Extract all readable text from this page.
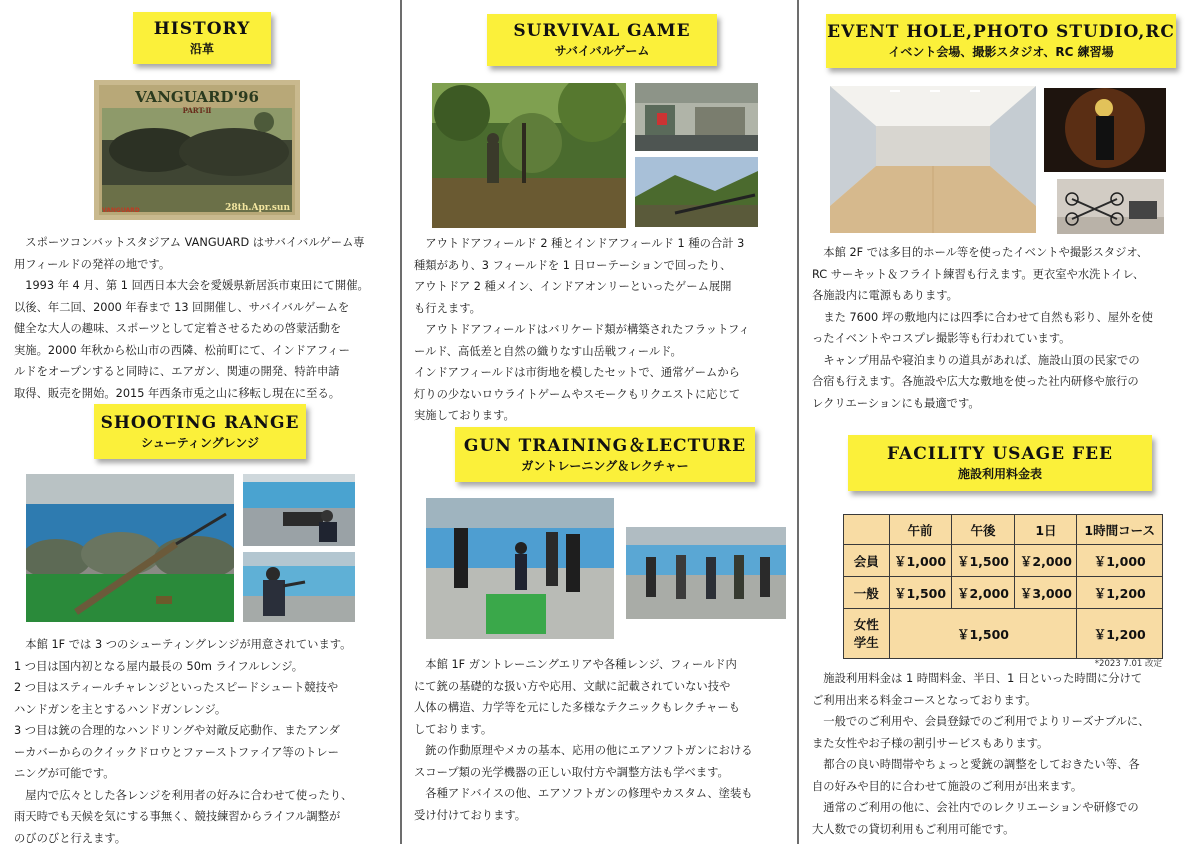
HISTORY
沿革
VANGUARD'96
PART-Ⅱ
28th.Apr.sun
VANGUARD

　スポーツコンバットスタジアム VANGUARD はサバイバルゲーム専

用フィールドの発祥の地です。

　1993 年 4 月、第 1 回西日本大会を愛媛県新居浜市東田にて開催。

以後、年二回、2000 年春まで 13 回開催し、サバイバルゲームを

健全な大人の趣味、スポーツとして定着させるための啓蒙活動を

実施。2000 年秋から松山市の西隣、松前町にて、インドアフィー

ルドをオープンすると同時に、エアガン、関連の開発、特許申請

取得、販売を開始。2015 年西条市兎之山に移転し現在に至る。

SHOOTING RANGE
シューティングレンジ

　本館 1F では 3 つのシューティングレンジが用意されています。

1 つ目は国内初となる屋内最長の 50m ライフルレンジ。

2 つ目はスティールチャレンジといったスピードシュート競技や

ハンドガンを主とするハンドガンレンジ。

3 つ目は銃の合理的なハンドリングや対敵反応動作、またアンダ

ーカバーからのクイックドロウとファーストファイア等のトレー

ニングが可能です。

　屋内で広々とした各レンジを利用者の好みに合わせて使ったり、

雨天時でも天候を気にする事無く、競技練習からライフル調整が

のびのびと行えます。

SURVIVAL GAME
サバイバルゲーム

　アウトドアフィールド 2 種とインドアフィールド 1 種の合計 3

種類があり、3 フィールドを 1 日ローテーションで回ったり、

アウトドア 2 種メイン、インドアオンリーといったゲーム展開

も行えます。

　アウトドアフィールドはバリケード類が構築されたフラットフィ

ールド、高低差と自然の織りなす山岳戦フィールド。

インドアフィールドは市街地を模したセットで、通常ゲームから

灯りの少ないロウライトゲームやスモークもリクエストに応じて

実施しております。

GUN TRAINING＆LECTURE
ガントレーニング＆レクチャー

　本館 1F ガントレーニングエリアや各種レンジ、フィールド内

にて銃の基礎的な扱い方や応用、文献に記載されていない技や

人体の構造、力学等を元にした多様なテクニックもレクチャーも

しております。

　銃の作動原理やメカの基本、応用の他にエアソフトガンにおける

スコープ類の光学機器の正しい取付方や調整方法も学べます。

　各種アドバイスの他、エアソフトガンの修理やカスタム、塗装も

受け付けております。

EVENT HOLE,PHOTO STUDIO,RC
イベント会場、撮影スタジオ、RC 練習場

　本館 2F では多目的ホール等を使ったイベントや撮影スタジオ、

RC サーキット＆フライト練習も行えます。更衣室や水洗トイレ、

各施設内に電源もあります。

　また 7600 坪の敷地内には四季に合わせて自然も彩り、屋外を使

ったイベントやコスプレ撮影等も行われています。

　キャンプ用品や寝泊まりの道具があれば、施設山頂の民家での

合宿も行えます。各施設や広大な敷地を使った社内研修や旅行の

レクリエーションにも最適です。

FACILITY USAGE FEE
施設利用料金表
	午前	午後	1日	1時間コース
会員	￥1,000	￥1,500	￥2,000	￥1,000
一般	￥1,500	￥2,000	￥3,000	￥1,200

女性
学生	￥1,500			￥1,200
*2023 7.01 改定

　施設利用料金は 1 時間料金、半日、1 日といった時間に分けて

ご利用出来る料金コースとなっております。

　一般でのご利用や、会員登録でのご利用でよりリーズナブルに、

また女性やお子様の割引サービスもあります。

　都合の良い時間帯やちょっと愛銃の調整をしておきたい等、各

自の好みや目的に合わせて施設のご利用が出来ます。

　通常のご利用の他に、会社内でのレクリエーションや研修での

大人数での貸切利用もご利用可能です。
